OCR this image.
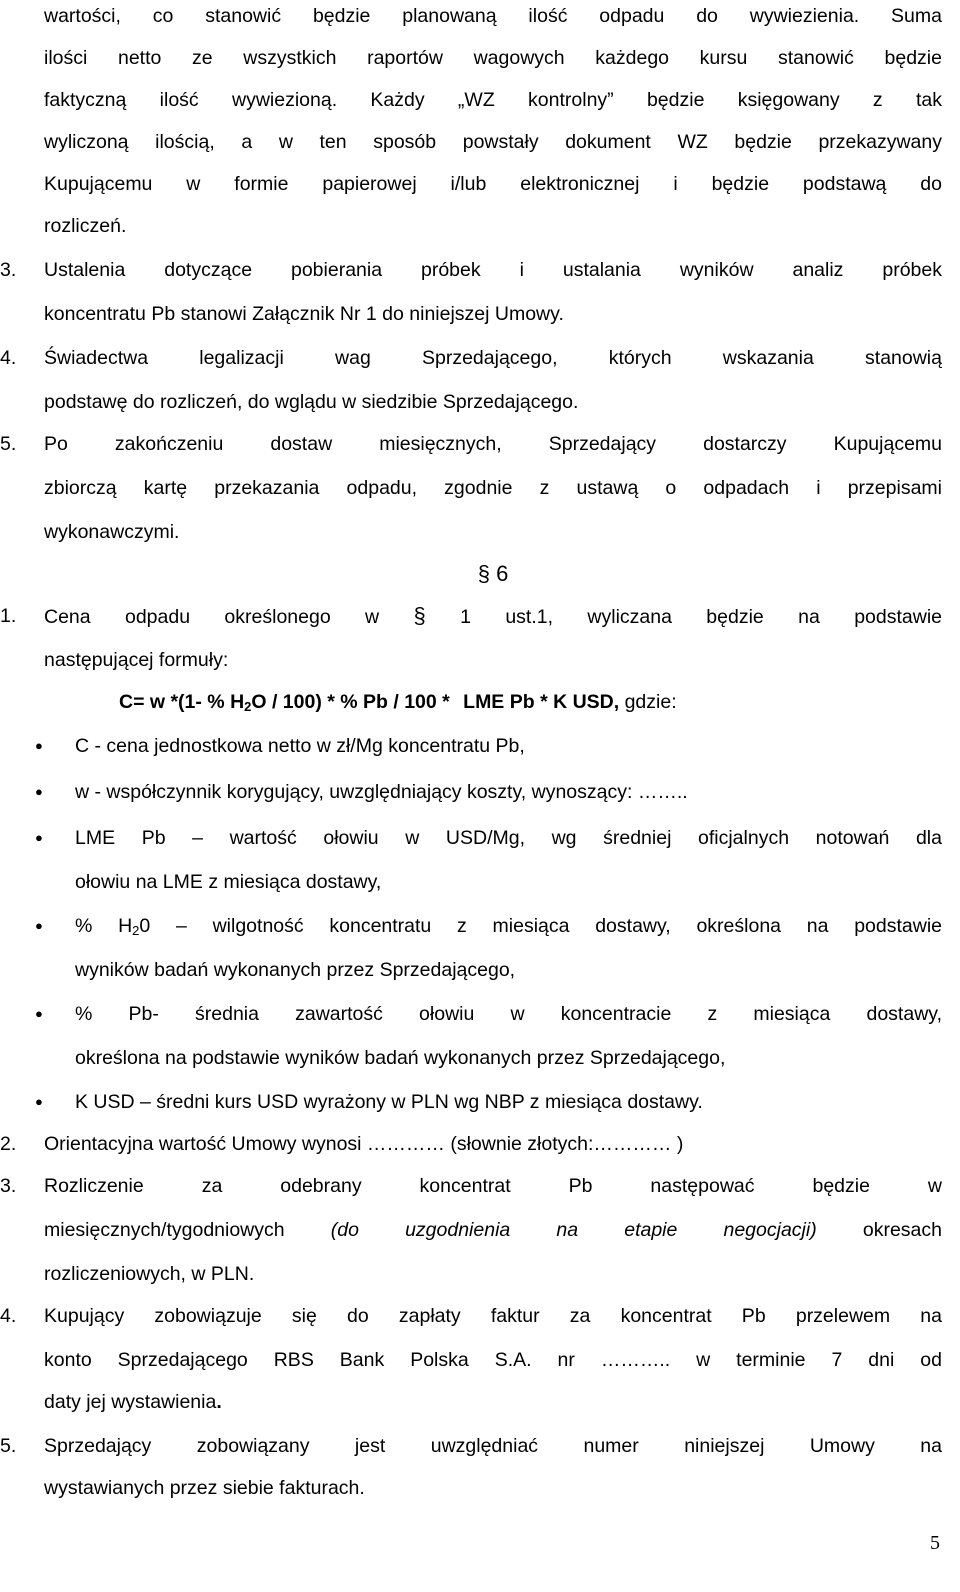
wartości, co stanowić będzie planowaną ilość odpadu do wywiezienia. Suma
ilości netto ze wszystkich raportów wagowych każdego kursu stanowić będzie
faktyczną ilość wywiezioną. Każdy „WZ kontrolny” będzie księgowany z tak
wyliczoną ilością, a w ten sposób powstały dokument WZ będzie przekazywany
Kupującemu w formie papierowej i/lub elektronicznej i będzie podstawą do
rozliczeń.
3. Ustalenia dotyczące pobierania próbek i ustalania wyników analiz próbek
koncentratu Pb stanowi Załącznik Nr 1 do niniejszej Umowy.
4. Świadectwa legalizacji wag Sprzedającego, których wskazania stanowią
podstawę do rozliczeń, do wglądu w siedzibie Sprzedającego.
5. Po zakończeniu dostaw miesięcznych, Sprzedający dostarczy Kupującemu
zbiorczą kartę przekazania odpadu, zgodnie z ustawą o odpadach i przepisami
wykonawczymi.
§ 6
1. Cena odpadu określonego w § 1 ust.1, wyliczana będzie na podstawie
następującej formuły:
C= w *(1- % $H_2O / 100$) * % Pb / 100 * LME Pb * K USD, gdzie:
● C - cena jednostkowa netto w zł/Mg koncentratu Pb,
● w - współczynnik korygujący, uwzględniający koszty, wynoszący: ……..
● LME Pb – wartość ołowiu w USD/Mg, wg średniej oficjalnych notowań dla
ołowiu na LME z miesiąca dostawy,
● % $H_20$ – wilgotność koncentratu z miesiąca dostawy, określona na podstawie
wyników badań wykonanych przez Sprzedającego,
● % Pb- średnia zawartość ołowiu w koncentracie z miesiąca dostawy,
określona na podstawie wyników badań wykonanych przez Sprzedającego,
● K USD – średni kurs USD wyrażony w PLN wg NBP z miesiąca dostawy.
2. Orientacyjna wartość Umowy wynosi ………… (słownie złotych:………… )
3. Rozliczenie za odebrany koncentrat Pb następować będzie w
miesięcznych/tygodniowych (do uzgodnienia na etapie negocjacji) okresach
rozliczeniowych, w PLN.
4. Kupujący zobowiązuje się do zapłaty faktur za koncentrat Pb przelewem na
konto Sprzedającego RBS Bank Polska S.A. nr ……….. w terminie 7 dni od
daty jej wystawienia.
5. Sprzedający zobowiązany jest uwzględniać numer niniejszej Umowy na
wystawianych przez siebie fakturach.
5
